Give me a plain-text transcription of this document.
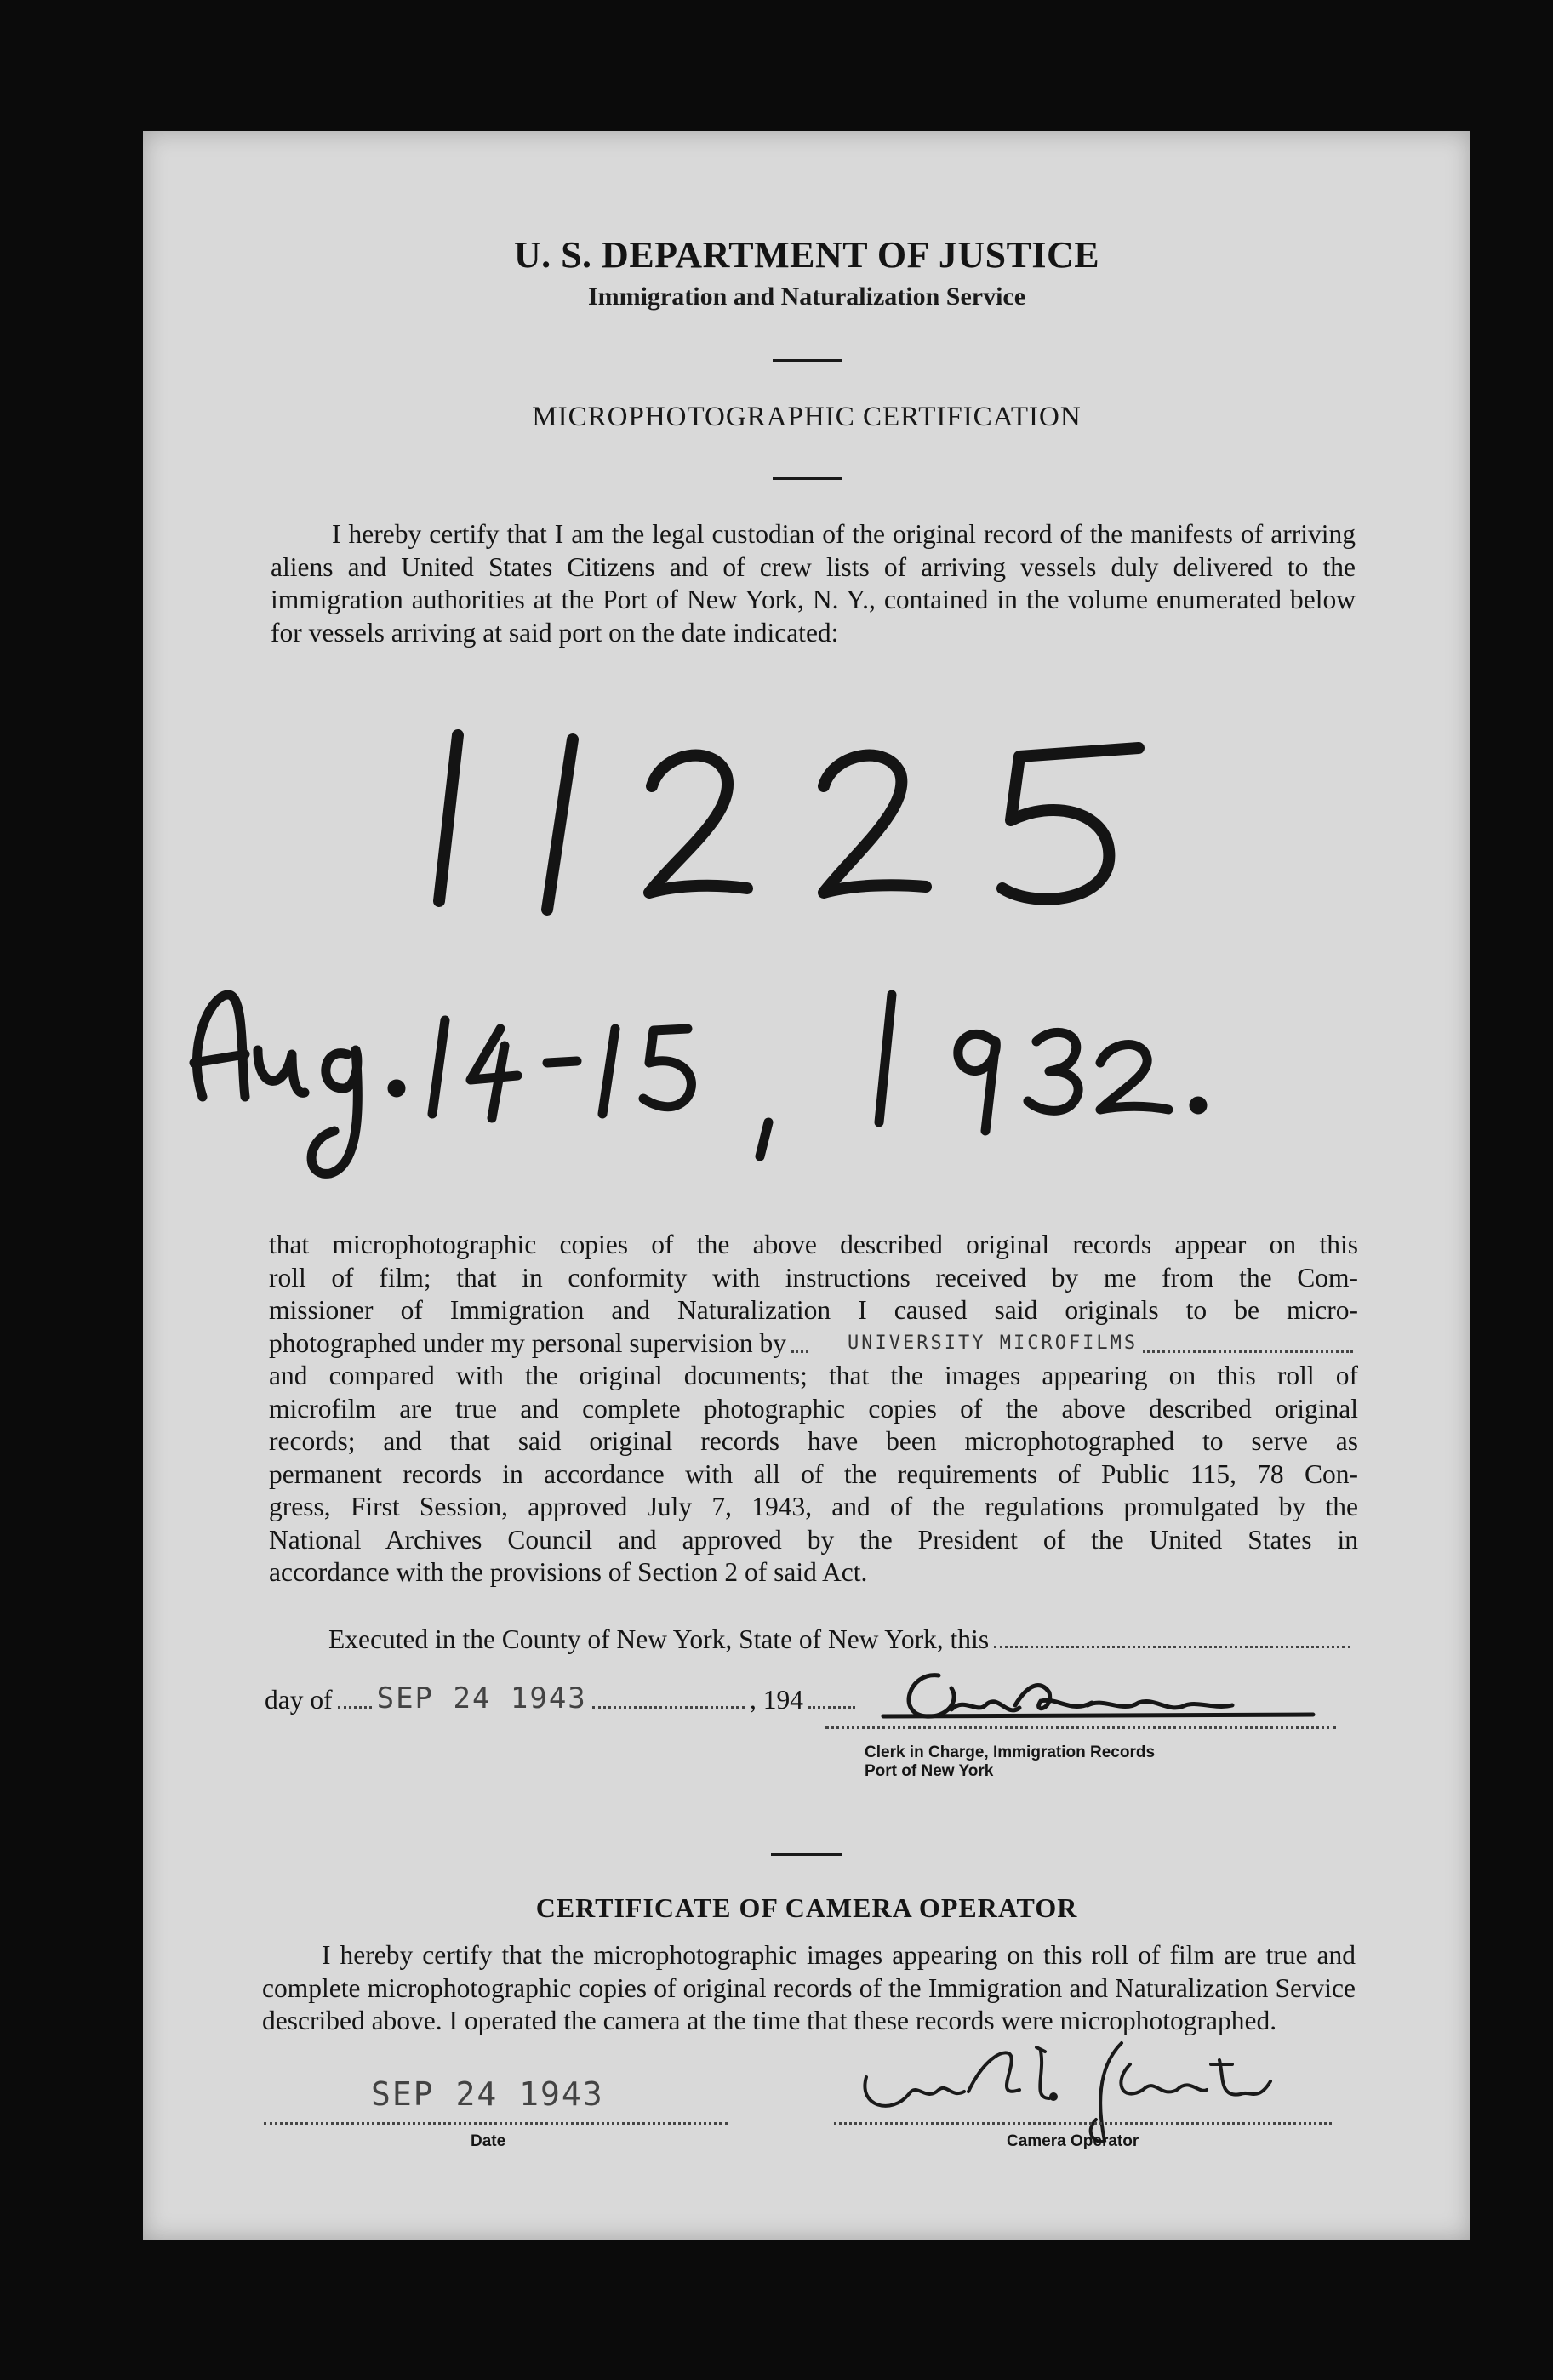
U. S. DEPARTMENT OF JUSTICE
Immigration and Naturalization Service
MICROPHOTOGRAPHIC CERTIFICATION
I hereby certify that I am the legal custodian of the original record of the manifests of arriving aliens and United States Citizens and of crew lists of arriving vessels duly delivered to the immigration authorities at the Port of New York, N. Y., contained in the volume enumerated below for vessels arriving at said port on the date indicated:
that microphotographic copies of the above described original records appear on this
roll of film; that in conformity with instructions received by me from the Com-
missioner of Immigration and Naturalization I caused said originals to be micro-
photographed under my personal supervision by	UNIVERSITY MICROFILMS
and compared with the original documents; that the images appearing on this roll of
microfilm are true and complete photographic copies of the above described original
records; and that said original records have been microphotographed to serve as
permanent records in accordance with all of the requirements of Public 115, 78 Con-
gress, First Session, approved July 7, 1943, and of the regulations promulgated by the
National Archives Council and approved by the President of the United States in
accordance with the provisions of Section 2 of said Act.
Executed in the County of New York, State of New York, this
day of SEP 24 1943	, 194
Clerk in Charge, Immigration Records
Port of New York
CERTIFICATE OF CAMERA OPERATOR
I hereby certify that the microphotographic images appearing on this roll of film are true and complete microphotographic copies of original records of the Immigration and Naturalization Service described above. I operated the camera at the time that these records were microphotographed.
SEP 24 1943
Date	Camera Operator
